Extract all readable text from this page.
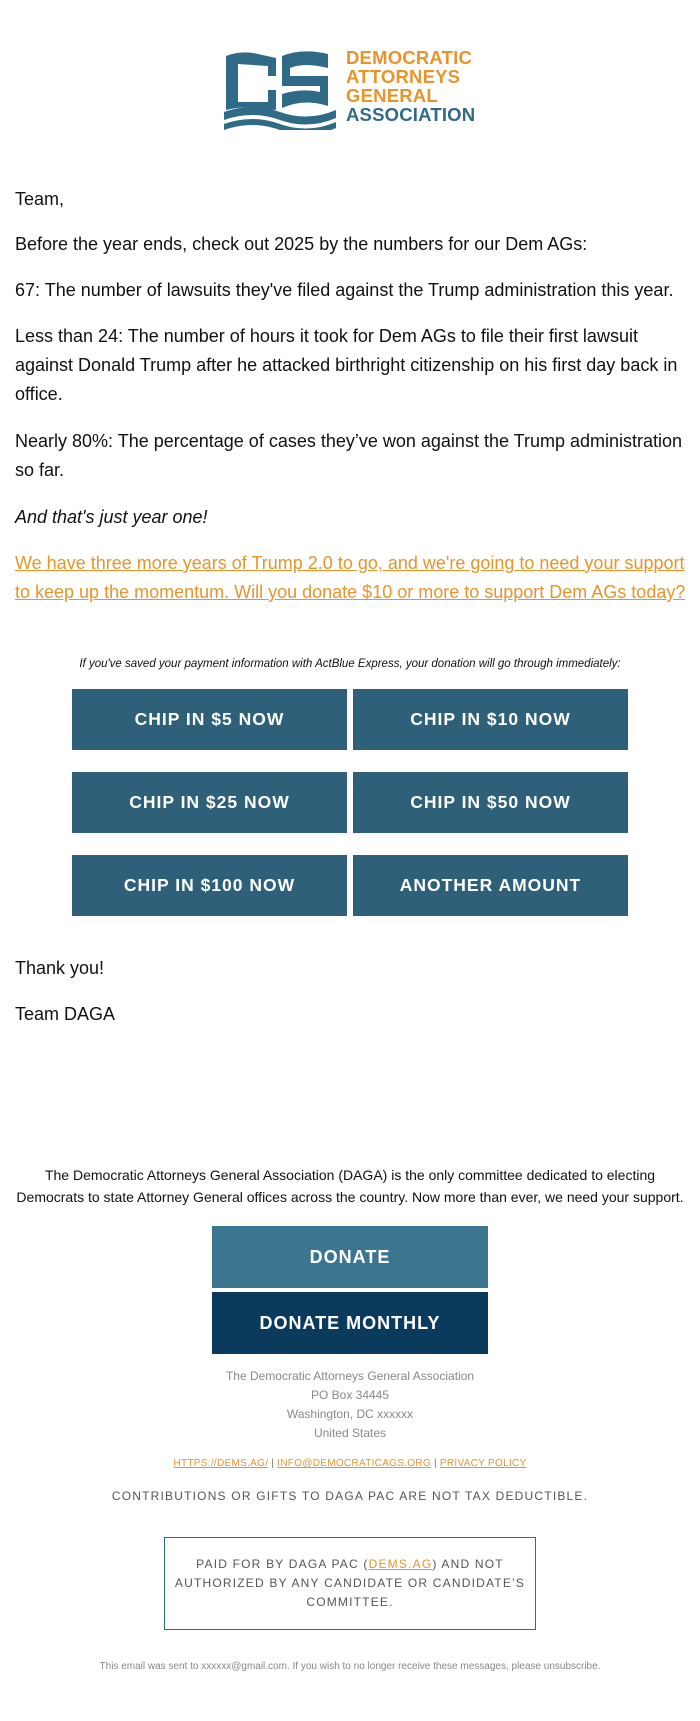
DEMOCRATIC
ATTORNEYS
GENERAL
ASSOCIATION
Team,
Before the year ends, check out 2025 by the numbers for our Dem AGs:
67: The number of lawsuits they've filed against the Trump administration this year.
Less than 24: The number of hours it took for Dem AGs to file their first lawsuit against Donald Trump after he attacked birthright citizenship on his first day back in office.
Nearly 80%: The percentage of cases they’ve won against the Trump administration so far.
And that's just year one!
We have three more years of Trump 2.0 to go, and we're going to need your support to keep up the momentum. Will you donate $10 or more to support Dem AGs today?
If you've saved your payment information with ActBlue Express, your donation will go through immediately:
CHIP IN $5 NOW	CHIP IN $10 NOW
CHIP IN $25 NOW	CHIP IN $50 NOW
CHIP IN $100 NOW	ANOTHER AMOUNT
Thank you!
Team DAGA
The Democratic Attorneys General Association (DAGA) is the only committee dedicated to electing Democrats to state Attorney General offices across the country. Now more than ever, we need your support.
DONATE
DONATE MONTHLY
The Democratic Attorneys General Association
PO Box 34445
Washington, DC xxxxxx
United States
HTTPS://DEMS.AG/ | INFO@DEMOCRATICAGS.ORG | PRIVACY POLICY
CONTRIBUTIONS OR GIFTS TO DAGA PAC ARE NOT TAX DEDUCTIBLE.
PAID FOR BY DAGA PAC (DEMS.AG) AND NOT AUTHORIZED BY ANY CANDIDATE OR CANDIDATE’S COMMITTEE.
This email was sent to xxxxxx@gmail.com. If you wish to no longer receive these messages, please unsubscribe.
